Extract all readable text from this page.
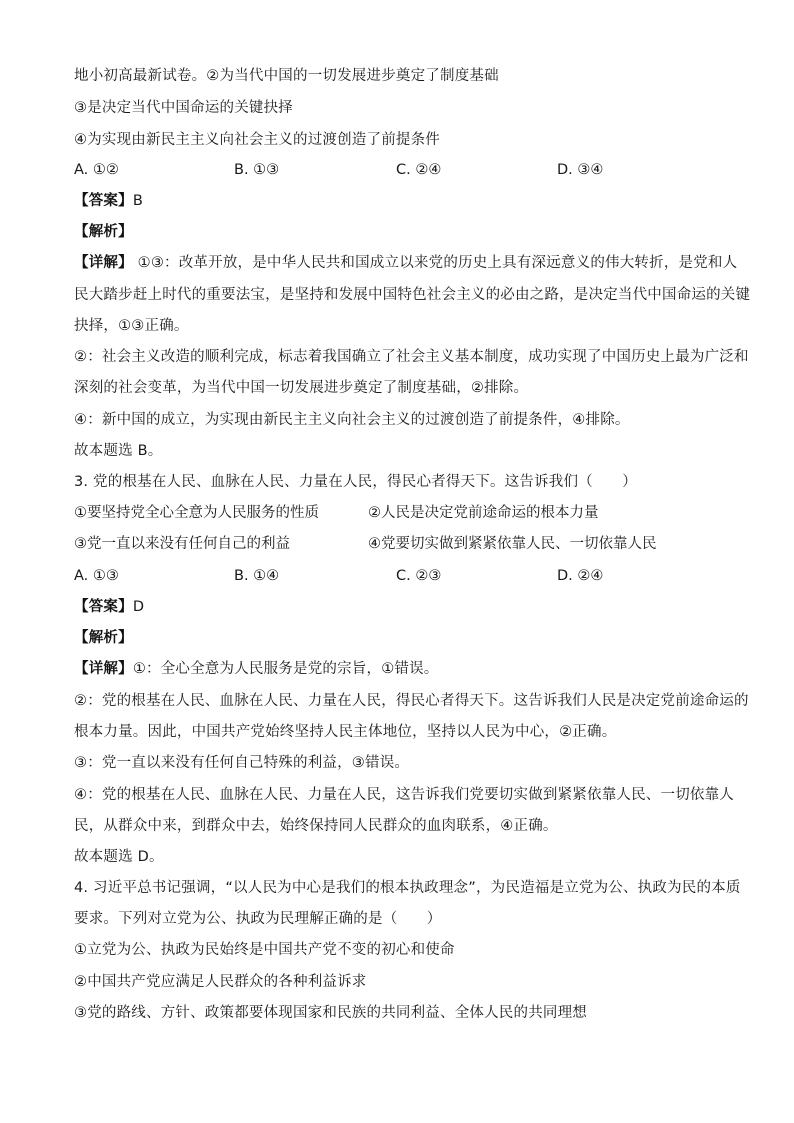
地小初高最新试卷。②为当代中国的一切发展进步奠定了制度基础
③是决定当代中国命运的关键抉择
④为实现由新民主主义向社会主义的过渡创造了前提条件
A. ①②	B. ①③	C. ②④	D. ③④
【答案】B
【解析】
【详解】 ①③：改革开放，是中华人民共和国成立以来党的历史上具有深远意义的伟大转折，是党和人
民大踏步赶上时代的重要法宝，是坚持和发展中国特色社会主义的必由之路，是决定当代中国命运的关键
抉择，①③正确。
②：社会主义改造的顺利完成，标志着我国确立了社会主义基本制度，成功实现了中国历史上最为广泛和
深刻的社会变革，为当代中国一切发展进步奠定了制度基础，②排除。
④：新中国的成立，为实现由新民主主义向社会主义的过渡创造了前提条件，④排除。
故本题选 B。
3. 党的根基在人民、血脉在人民、力量在人民，得民心者得天下。这告诉我们（　　）
①要坚持党全心全意为人民服务的性质	②人民是决定党前途命运的根本力量
③党一直以来没有任何自己的利益	④党要切实做到紧紧依靠人民、一切依靠人民
A. ①③	B. ①④	C. ②③	D. ②④
【答案】D
【解析】
【详解】①：全心全意为人民服务是党的宗旨，①错误。
②：党的根基在人民、血脉在人民、力量在人民，得民心者得天下。这告诉我们人民是决定党前途命运的
根本力量。因此，中国共产党始终坚持人民主体地位，坚持以人民为中心，②正确。
③：党一直以来没有任何自己特殊的利益，③错误。
④：党的根基在人民、血脉在人民、力量在人民，这告诉我们党要切实做到紧紧依靠人民、一切依靠人
民，从群众中来，到群众中去，始终保持同人民群众的血肉联系，④正确。
故本题选 D。
4. 习近平总书记强调，“以人民为中心是我们的根本执政理念”，为民造福是立党为公、执政为民的本质
要求。下列对立党为公、执政为民理解正确的是（　　）
①立党为公、执政为民始终是中国共产党不变的初心和使命
②中国共产党应满足人民群众的各种利益诉求
③党的路线、方针、政策都要体现国家和民族的共同利益、全体人民的共同理想
